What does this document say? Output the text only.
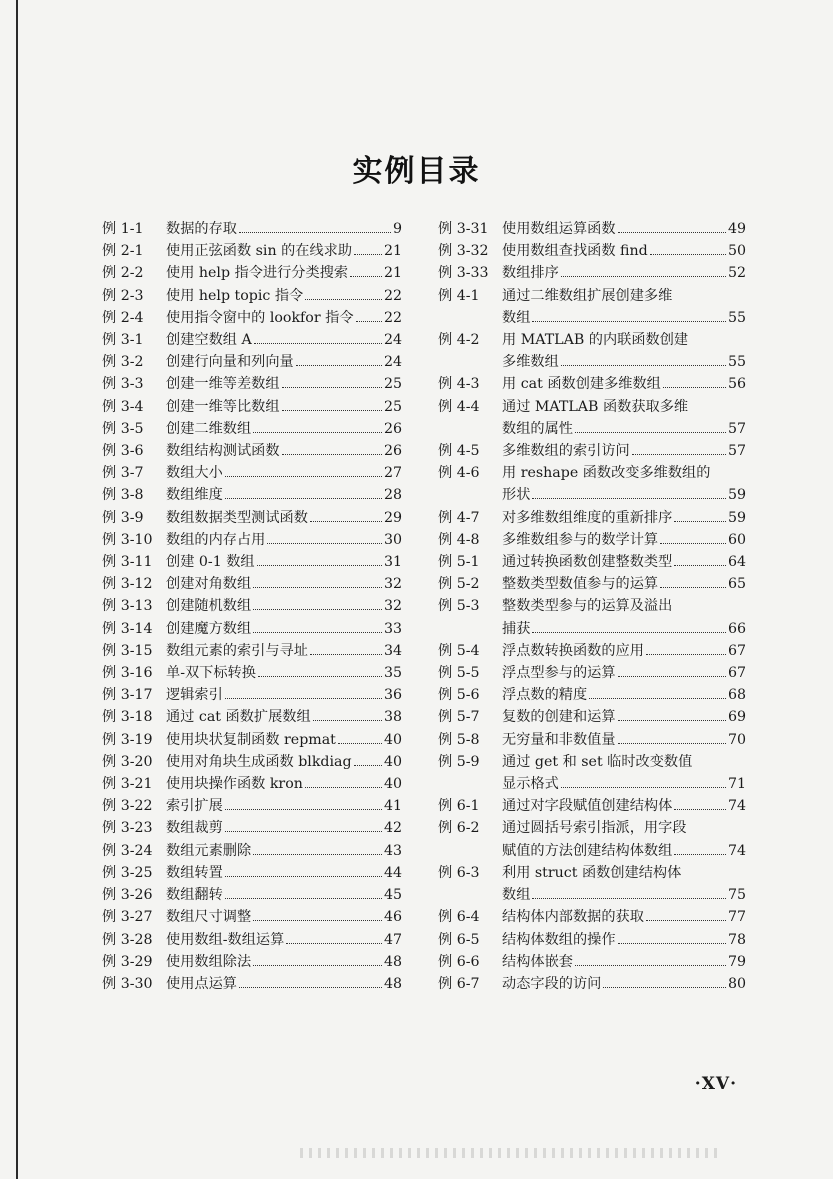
实例目录
例 1-1	数据的存取	9
例 2-1	使用正弦函数 sin 的在线求助 21
例 2-2	使用 help 指令进行分类搜索	21
例 2-3	使用 help topic 指令	22
例 2-4	使用指令窗中的 lookfor 指令 22
例 3-1	创建空数组 A	24
例 3-2	创建行向量和列向量	24
例 3-3	创建一维等差数组	25
例 3-4	创建一维等比数组	25
例 3-5	创建二维数组	26
例 3-6	数组结构测试函数	26
例 3-7	数组大小	27
例 3-8	数组维度	28
例 3-9	数组数据类型测试函数	29
例 3-10 数组的内存占用	30
例 3-11 创建 0-1 数组	31
例 3-12 创建对角数组	32
例 3-13 创建随机数组	32
例 3-14 创建魔方数组	33
例 3-15 数组元素的索引与寻址	34
例 3-16 单-双下标转换	35
例 3-17 逻辑索引	36
例 3-18 通过 cat 函数扩展数组	38
例 3-19 使用块状复制函数 repmat	40
例 3-20 使用对角块生成函数 blkdiag 40
例 3-21 使用块操作函数 kron	40
例 3-22 索引扩展	41
例 3-23 数组裁剪	42
例 3-24 数组元素删除	43
例 3-25 数组转置	44
例 3-26 数组翻转	45
例 3-27 数组尺寸调整	46
例 3-28 使用数组-数组运算	47
例 3-29 使用数组除法	48
例 3-30 使用点运算	48
例 3-31 使用数组运算函数	49
例 3-32 使用数组查找函数 find	50
例 3-33 数组排序	52
例 4-1	通过二维数组扩展创建多维
数组	55
例 4-2	用 MATLAB 的内联函数创建
多维数组	55
例 4-3	用 cat 函数创建多维数组	56
例 4-4	通过 MATLAB 函数获取多维
数组的属性	57
例 4-5	多维数组的索引访问	57
例 4-6	用 reshape 函数改变多维数组的
形状	59
例 4-7	对多维数组维度的重新排序	59
例 4-8	多维数组参与的数学计算	60
例 5-1	通过转换函数创建整数类型	64
例 5-2	整数类型数值参与的运算	65
例 5-3	整数类型参与的运算及溢出
捕获	66
例 5-4	浮点数转换函数的应用	67
例 5-5	浮点型参与的运算	67
例 5-6	浮点数的精度	68
例 5-7	复数的创建和运算	69
例 5-8	无穷量和非数值量	70
例 5-9	通过 get 和 set 临时改变数值
显示格式	71
例 6-1	通过对字段赋值创建结构体	74
例 6-2	通过圆括号索引指派，用字段
赋值的方法创建结构体数组	74
例 6-3	利用 struct 函数创建结构体
数组	75
例 6-4	结构体内部数据的获取	77
例 6-5	结构体数组的操作	78
例 6-6	结构体嵌套	79
例 6-7	动态字段的访问	80
·XV·
